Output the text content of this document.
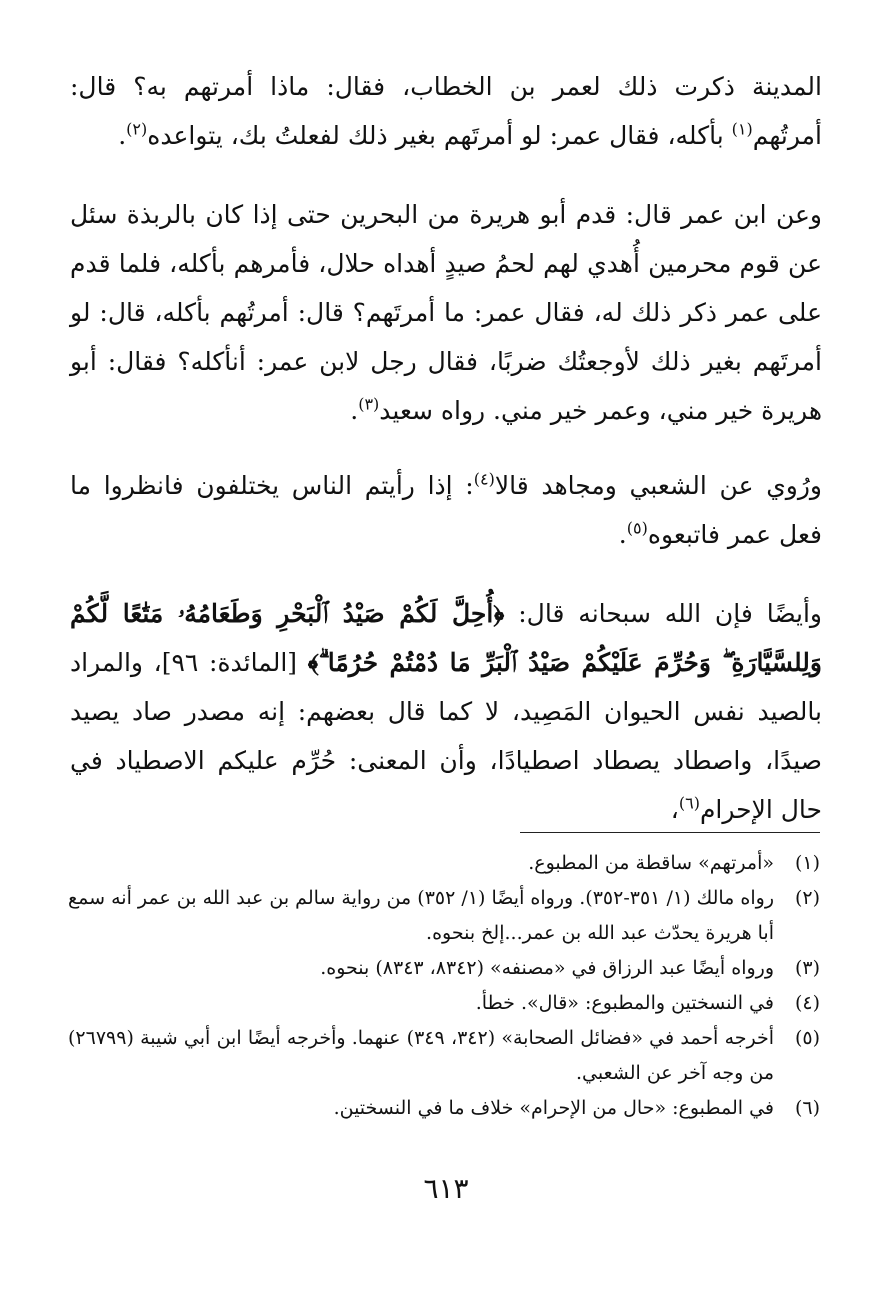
المدينة ذكرت ذلك لعمر بن الخطاب، فقال: ماذا أمرتهم به؟ قال: أمرتُهم$^{(١)}$ بأكله، فقال عمر: لو أمرتَهم بغير ذلك لفعلتُ بك، يتواعده$^{(٢)}$.

وعن ابن عمر قال: قدم أبو هريرة من البحرين حتى إذا كان بالربذة سئل عن قوم محرمين أُهدي لهم لحمُ صيدٍ أهداه حلال، فأمرهم بأكله، فلما قدم على عمر ذكر ذلك له، فقال عمر: ما أمرتَهم؟ قال: أمرتُهم بأكله، قال: لو أمرتَهم بغير ذلك لأوجعتُك ضربًا، فقال رجل لابن عمر: أنأكله؟ فقال: أبو هريرة خير مني، وعمر خير مني. رواه سعيد$^{(٣)}$.

ورُوي عن الشعبي ومجاهد قالا$^{(٤)}$: إذا رأيتم الناس يختلفون فانظروا ما فعل عمر فاتبعوه$^{(٥)}$.

وأيضًا فإن الله سبحانه قال: ﴿أُحِلَّ لَكُمْ صَيْدُ ٱلْبَحْرِ وَطَعَامُهُۥ مَتَٰعًا لَّكُمْ وَلِلسَّيَّارَةِ ۖ وَحُرِّمَ عَلَيْكُمْ صَيْدُ ٱلْبَرِّ مَا دُمْتُمْ حُرُمًا ۗ﴾ [المائدة: ٩٦]، والمراد بالصيد نفس الحيوان المَصِيد، لا كما قال بعضهم: إنه مصدر صاد يصيد صيدًا، واصطاد يصطاد اصطيادًا، وأن المعنى: حُرِّم عليكم الاصطياد في حال الإحرام$^{(٦)}$،

(١)
«أمرتهم» ساقطة من المطبوع.
(٢)
رواه مالك (١/ ٣٥١-٣٥٢). ورواه أيضًا (١/ ٣٥٢) من رواية سالم بن عبد الله بن عمر أنه سمع أبا هريرة يحدّث عبد الله بن عمر...إلخ بنحوه.
(٣)
ورواه أيضًا عبد الرزاق في «مصنفه» (٨٣٤٢، ٨٣٤٣) بنحوه.
(٤)
في النسختين والمطبوع: «قال». خطأ.
(٥)
أخرجه أحمد في «فضائل الصحابة» (٣٤٢، ٣٤٩) عنهما. وأخرجه أيضًا ابن أبي شيبة (٢٦٧٩٩) من وجه آخر عن الشعبي.
(٦)
في المطبوع: «حال من الإحرام» خلاف ما في النسختين.
٦١٣
